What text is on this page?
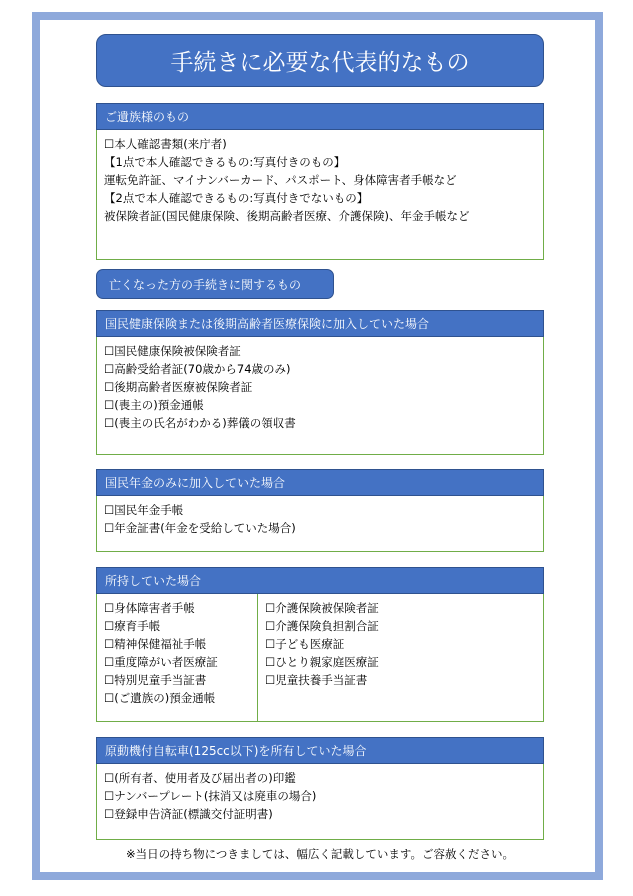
手続きに必要な代表的なもの
ご遺族様のもの
☐本人確認書類(来庁者)
【1点で本人確認できるもの:写真付きのもの】
運転免許証、マイナンバーカード、パスポート、身体障害者手帳など
【2点で本人確認できるもの:写真付きでないもの】
被保険者証(国民健康保険、後期高齢者医療、介護保険)、年金手帳など
亡くなった方の手続きに関するもの
国民健康保険または後期高齢者医療保険に加入していた場合
☐国民健康保険被保険者証
☐高齢受給者証(70歳から74歳のみ)
☐後期高齢者医療被保険者証
☐(喪主の)預金通帳
☐(喪主の氏名がわかる)葬儀の領収書
国民年金のみに加入していた場合
☐国民年金手帳
☐年金証書(年金を受給していた場合)
所持していた場合
☐身体障害者手帳
☐療育手帳
☐精神保健福祉手帳
☐重度障がい者医療証
☐特別児童手当証書
☐(ご遺族の)預金通帳
☐介護保険被保険者証
☐介護保険負担割合証
☐子ども医療証
☐ひとり親家庭医療証
☐児童扶養手当証書
原動機付自転車(125cc以下)を所有していた場合
☐(所有者、使用者及び届出者の)印鑑
☐ナンバープレート(抹消又は廃車の場合)
☐登録申告済証(標識交付証明書)
※当日の持ち物につきましては、幅広く記載しています。ご容赦ください。
